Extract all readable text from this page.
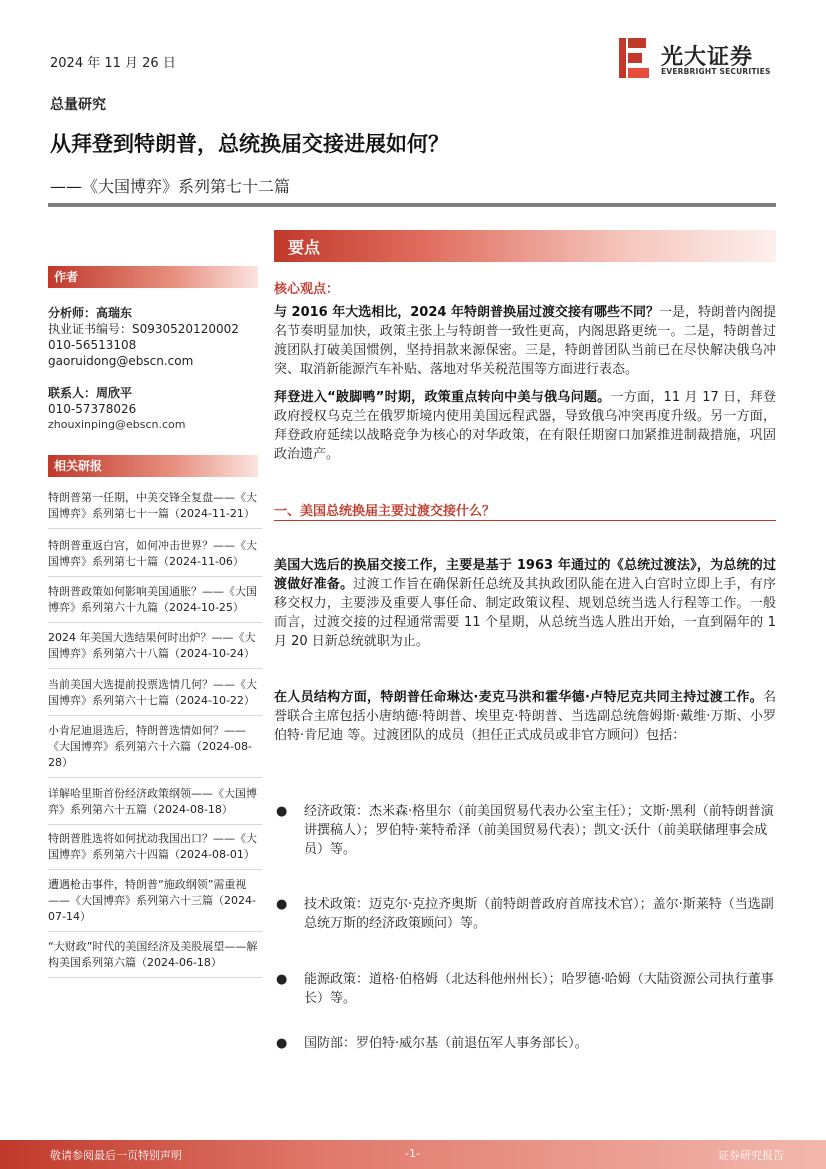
2024 年 11 月 26 日	光大证券
EVERBRIGHT SECURITIES
总量研究
从拜登到特朗普，总统换届交接进展如何？
——《大国博弈》系列第七十二篇
作者
分析师：高瑞东
执业证书编号：S0930520120002
010-56513108
gaoruidong@ebscn.com
联系人：周欣平
010-57378026
zhouxinping@ebscn.com
相关研报
特朗普第一任期，中美交锋全复盘——《大国博弈》系列第七十一篇（2024-11-21）
特朗普重返白宫，如何冲击世界？——《大国博弈》系列第七十篇（2024-11-06）
特朗普政策如何影响美国通胀？——《大国博弈》系列第六十九篇（2024-10-25）
2024 年美国大选结果何时出炉？——《大国博弈》系列第六十八篇（2024-10-24）
当前美国大选提前投票选情几何？——《大国博弈》系列第六十七篇（2024-10-22）
小肯尼迪退选后，特朗普选情如何？——《大国博弈》系列第六十六篇（2024-08-28）
详解哈里斯首份经济政策纲领——《大国博弈》系列第六十五篇（2024-08-18）
特朗普胜选将如何扰动我国出口？——《大国博弈》系列第六十四篇（2024-08-01）
遭遇枪击事件，特朗普“施政纲领”需重视——《大国博弈》系列第六十三篇（2024-07-14）
“大财政”时代的美国经济及美股展望——解构美国系列第六篇（2024-06-18）
要点
核心观点：
与 2016 年大选相比，2024 年特朗普换届过渡交接有哪些不同？一是，特朗普内阁提名节奏明显加快，政策主张上与特朗普一致性更高，内阁思路更统一。二是，特朗普过渡团队打破美国惯例，坚持捐款来源保密。三是，特朗普团队当前已在尽快解决俄乌冲突、取消新能源汽车补贴、落地对华关税范围等方面进行表态。
拜登进入“跛脚鸭”时期，政策重点转向中美与俄乌问题。一方面，11 月 17 日，拜登政府授权乌克兰在俄罗斯境内使用美国远程武器，导致俄乌冲突再度升级。另一方面，拜登政府延续以战略竞争为核心的对华政策，在有限任期窗口加紧推进制裁措施，巩固政治遗产。
一、美国总统换届主要过渡交接什么？
美国大选后的换届交接工作，主要是基于 1963 年通过的《总统过渡法》，为总统的过渡做好准备。过渡工作旨在确保新任总统及其执政团队能在进入白宫时立即上手，有序移交权力，主要涉及重要人事任命、制定政策议程、规划总统当选人行程等工作。一般而言，过渡交接的过程通常需要 11 个星期，从总统当选人胜出开始，一直到隔年的 1 月 20 日新总统就职为止。
在人员结构方面，特朗普任命琳达·麦克马洪和霍华德·卢特尼克共同主持过渡工作。名誉联合主席包括小唐纳德·特朗普、埃里克·特朗普、当选副总统詹姆斯·戴维·万斯、小罗伯特·肯尼迪 等。过渡团队的成员（担任正式成员或非官方顾问）包括：
● 经济政策：杰米森·格里尔（前美国贸易代表办公室主任）；文斯·黑利（前特朗普演讲撰稿人）；罗伯特·莱特希泽（前美国贸易代表）；凯文·沃什（前美联储理事会成员）等。
● 技术政策：迈克尔·克拉齐奥斯（前特朗普政府首席技术官）；盖尔·斯莱特（当选副总统万斯的经济政策顾问）等。
● 能源政策：道格·伯格姆（北达科他州州长）；哈罗德·哈姆（大陆资源公司执行董事长）等。
● 国防部：罗伯特·威尔基（前退伍军人事务部长）。
敬请参阅最后一页特别声明	-1-	证券研究报告
